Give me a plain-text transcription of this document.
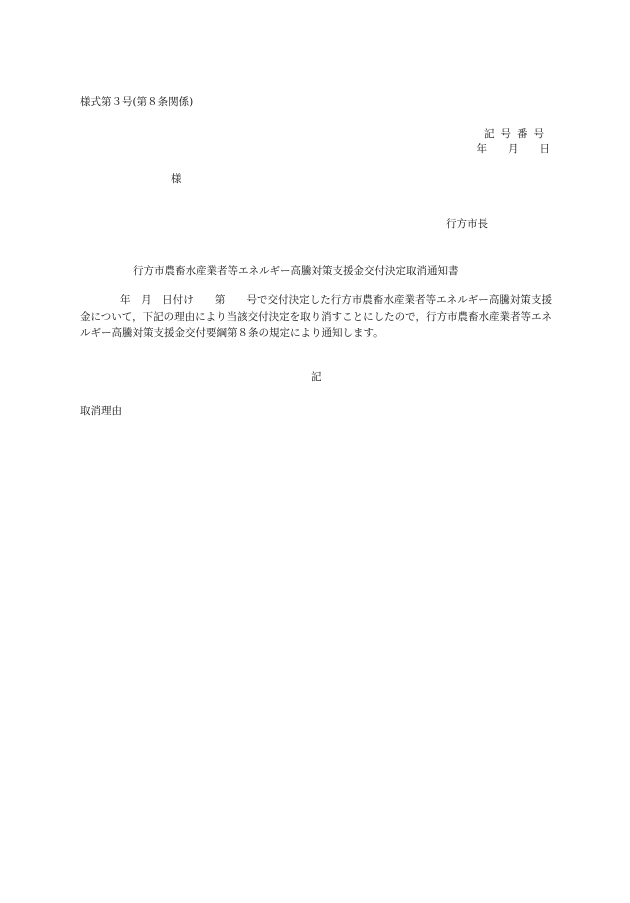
様式第３号(第８条関係)
記号番号
年　　月　　日
様
行方市長
行方市農畜水産業者等エネルギー高騰対策支援金交付決定取消通知書
年　月　日付け　　第　　号で交付決定した行方市農畜水産業者等エネルギー高騰対策支援金について，下記の理由により当該交付決定を取り消すことにしたので，行方市農畜水産業者等エネルギー高騰対策支援金交付要綱第８条の規定により通知します。
記
取消理由
